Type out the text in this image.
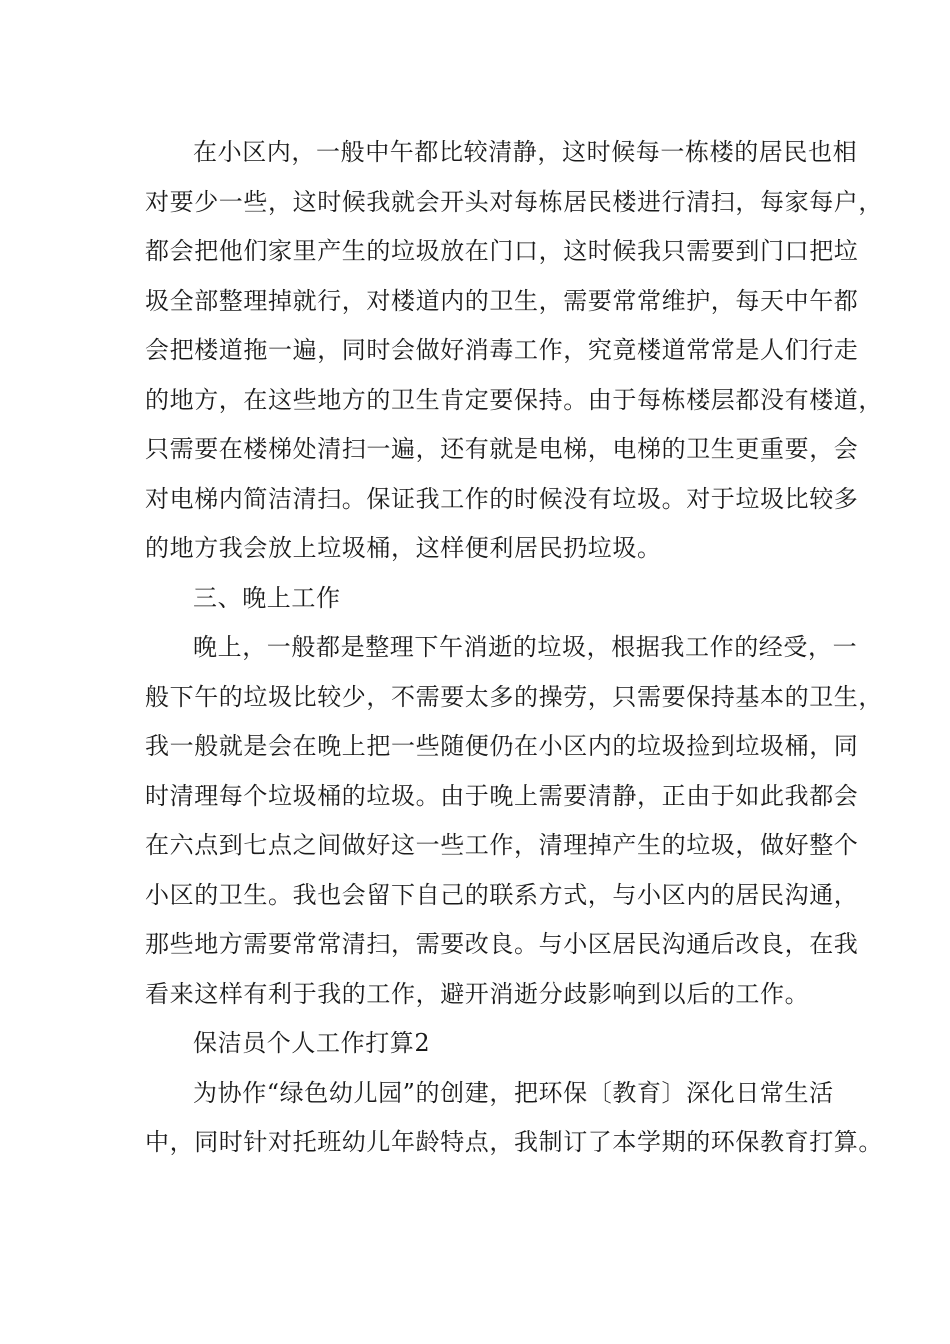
在小区内，一般中午都比较清静，这时候每一栋楼的居民也相
对要少一些，这时候我就会开头对每栋居民楼进行清扫，每家每户，
都会把他们家里产生的垃圾放在门口，这时候我只需要到门口把垃
圾全部整理掉就行，对楼道内的卫生，需要常常维护，每天中午都
会把楼道拖一遍，同时会做好消毒工作，究竟楼道常常是人们行走
的地方，在这些地方的卫生肯定要保持。由于每栋楼层都没有楼道，
只需要在楼梯处清扫一遍，还有就是电梯，电梯的卫生更重要，会
对电梯内简洁清扫。保证我工作的时候没有垃圾。对于垃圾比较多
的地方我会放上垃圾桶，这样便利居民扔垃圾。
三、晚上工作
晚上，一般都是整理下午消逝的垃圾，根据我工作的经受，一
般下午的垃圾比较少，不需要太多的操劳，只需要保持基本的卫生，
我一般就是会在晚上把一些随便仍在小区内的垃圾捡到垃圾桶，同
时清理每个垃圾桶的垃圾。由于晚上需要清静，正由于如此我都会
在六点到七点之间做好这一些工作，清理掉产生的垃圾，做好整个
小区的卫生。我也会留下自己的联系方式，与小区内的居民沟通，
那些地方需要常常清扫，需要改良。与小区居民沟通后改良，在我
看来这样有利于我的工作，避开消逝分歧影响到以后的工作。
保洁员个人工作打算2
为协作“绿色幼儿园”的创建，把环保〔教育〕深化日常生活
中，同时针对托班幼儿年龄特点，我制订了本学期的环保教育打算。
